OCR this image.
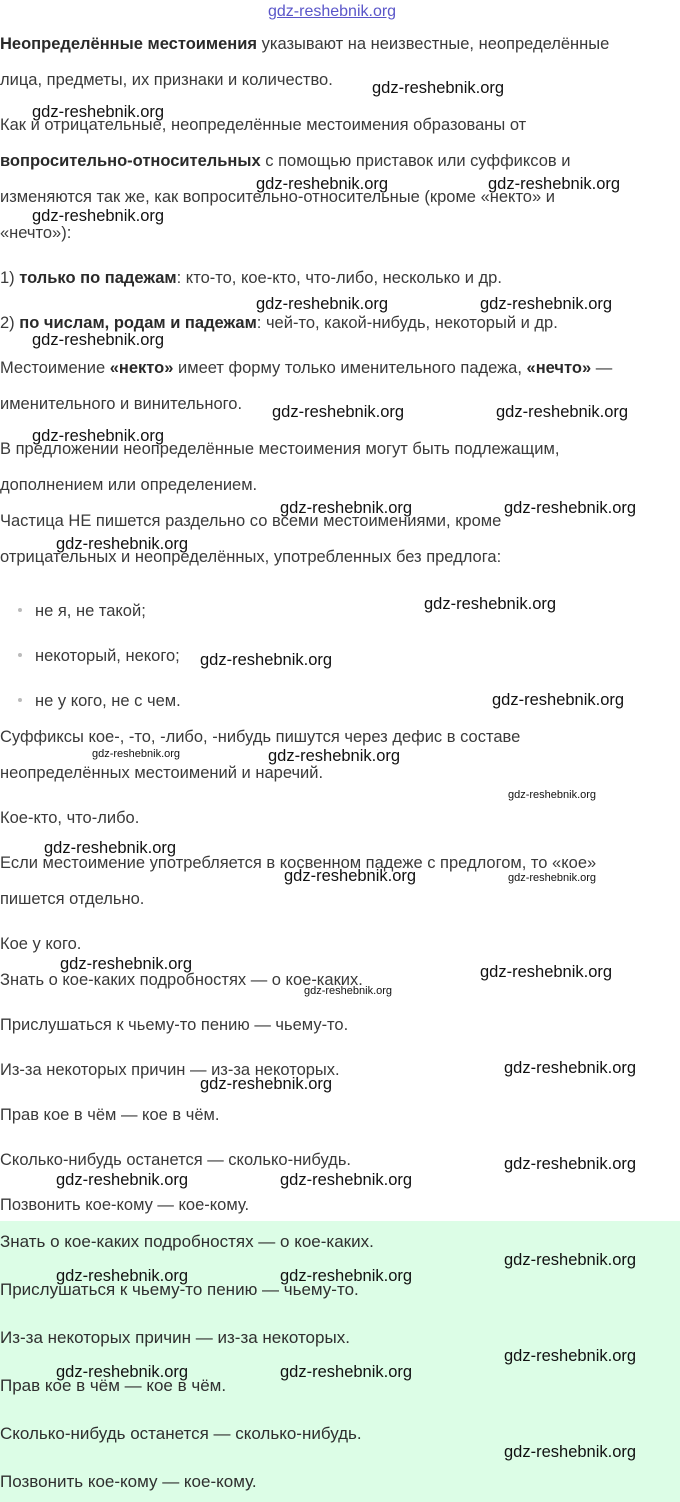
gdz-reshebnik.org
Неопределённые местоимения указывают на неизвестные, неопределённые
лица, предметы, их признаки и количество.
Как и отрицательные, неопределённые местоимения образованы от
вопросительно-относительных с помощью приставок или суффиксов и
изменяются так же, как вопросительно-относительные (кроме «некто» и
«нечто»):
1) только по падежам: кто-то, кое-кто, что-либо, несколько и др.
2) по числам, родам и падежам: чей-то, какой-нибудь, некоторый и др.
Местоимение «некто» имеет форму только именительного падежа, «нечто» —
именительного и винительного.
В предложении неопределённые местоимения могут быть подлежащим,
дополнением или определением.
Частица НЕ пишется раздельно со всеми местоимениями, кроме
отрицательных и неопределённых, употребленных без предлога:
не я, не такой;
некоторый, некого;
не у кого, не с чем.
Суффиксы кое-, -то, -либо, -нибудь пишутся через дефис в составе
неопределённых местоимений и наречий.
Кое-кто, что-либо.
Если местоимение употребляется в косвенном падеже с предлогом, то «кое»
пишется отдельно.
Кое у кого.
Знать о кое-каких подробностях — о кое-каких.
Прислушаться к чьему-то пению — чьему-то.
Из-за некоторых причин — из-за некоторых.
Прав кое в чём — кое в чём.
Сколько-нибудь останется — сколько-нибудь.
Позвонить кое-кому — кое-кому.
Знать о кое-каких подробностях — о кое-каких.
Прислушаться к чьему-то пению — чьему-то.
Из-за некоторых причин — из-за некоторых.
Прав кое в чём — кое в чём.
Сколько-нибудь останется — сколько-нибудь.
Позвонить кое-кому — кое-кому.
gdz-reshebnik.org
gdz-reshebnik.org
gdz-reshebnik.org	gdz-reshebnik.org
gdz-reshebnik.org
gdz-reshebnik.org	gdz-reshebnik.org
gdz-reshebnik.org
gdz-reshebnik.org	gdz-reshebnik.org
gdz-reshebnik.org
gdz-reshebnik.org	gdz-reshebnik.org
gdz-reshebnik.org
gdz-reshebnik.org
gdz-reshebnik.org
gdz-reshebnik.org
gdz-reshebnik.org	gdz-reshebnik.org
gdz-reshebnik.org
gdz-reshebnik.org
gdz-reshebnik.org	gdz-reshebnik.org
gdz-reshebnik.org	gdz-reshebnik.org
gdz-reshebnik.org
gdz-reshebnik.org
gdz-reshebnik.org
gdz-reshebnik.org
gdz-reshebnik.org	gdz-reshebnik.org
gdz-reshebnik.org
gdz-reshebnik.org	gdz-reshebnik.org
gdz-reshebnik.org
gdz-reshebnik.org	gdz-reshebnik.org
gdz-reshebnik.org
